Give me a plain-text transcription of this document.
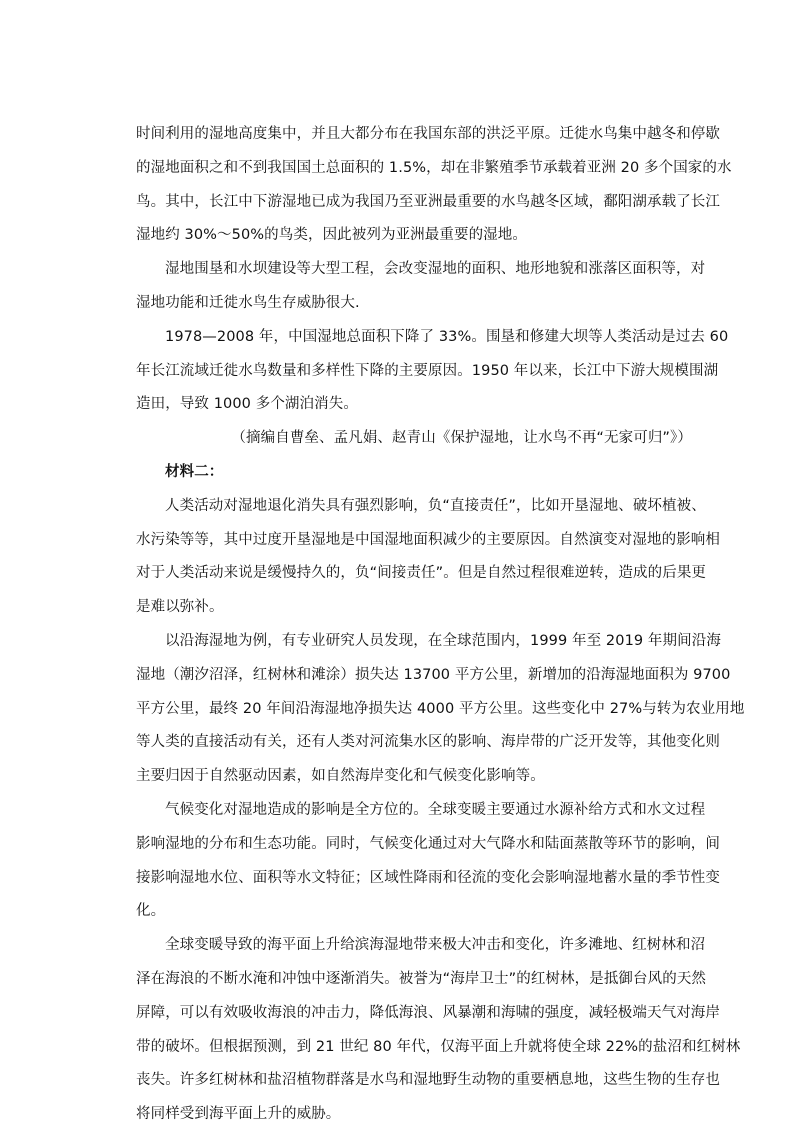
时间利用的湿地高度集中，并且大都分布在我国东部的洪泛平原。迁徙水鸟集中越冬和停歇
的湿地面积之和不到我国国土总面积的 1.5%，却在非繁殖季节承载着亚洲 20 多个国家的水
鸟。其中，长江中下游湿地已成为我国乃至亚洲最重要的水鸟越冬区域，鄱阳湖承载了长江
湿地约 30%～50%的鸟类，因此被列为亚洲最重要的湿地。
湿地围垦和水坝建设等大型工程，会改变湿地的面积、地形地貌和涨落区面积等，对
湿地功能和迁徙水鸟生存威胁很大.
1978—2008 年，中国湿地总面积下降了 33%。围垦和修建大坝等人类活动是过去 60
年长江流域迁徙水鸟数量和多样性下降的主要原因。1950 年以来，长江中下游大规模围湖
造田，导致 1000 多个湖泊消失。
（摘编自曹垒、孟凡娟、赵青山《保护湿地，让水鸟不再“无家可归”》）
材料二：
人类活动对湿地退化消失具有强烈影响，负“直接责任”，比如开垦湿地、破坏植被、
水污染等等，其中过度开垦湿地是中国湿地面积减少的主要原因。自然演变对湿地的影响相
对于人类活动来说是缓慢持久的，负“间接责任”。但是自然过程很难逆转，造成的后果更
是难以弥补。
以沿海湿地为例，有专业研究人员发现，在全球范围内，1999 年至 2019 年期间沿海
湿地（潮汐沼泽，红树林和滩涂）损失达 13700 平方公里，新增加的沿海湿地面积为 9700
平方公里，最终 20 年间沿海湿地净损失达 4000 平方公里。这些变化中 27%与转为农业用地
等人类的直接活动有关，还有人类对河流集水区的影响、海岸带的广泛开发等，其他变化则
主要归因于自然驱动因素，如自然海岸变化和气候变化影响等。
气候变化对湿地造成的影响是全方位的。全球变暖主要通过水源补给方式和水文过程
影响湿地的分布和生态功能。同时，气候变化通过对大气降水和陆面蒸散等环节的影响，间
接影响湿地水位、面积等水文特征；区域性降雨和径流的变化会影响湿地蓄水量的季节性变
化。
全球变暖导致的海平面上升给滨海湿地带来极大冲击和变化，许多滩地、红树林和沼
泽在海浪的不断水淹和冲蚀中逐渐消失。被誉为“海岸卫士”的红树林，是抵御台风的天然
屏障，可以有效吸收海浪的冲击力，降低海浪、风暴潮和海啸的强度，减轻极端天气对海岸
带的破坏。但根据预测，到 21 世纪 80 年代，仅海平面上升就将使全球 22%的盐沼和红树林
丧失。许多红树林和盐沼植物群落是水鸟和湿地野生动物的重要栖息地，这些生物的生存也
将同样受到海平面上升的威胁。
